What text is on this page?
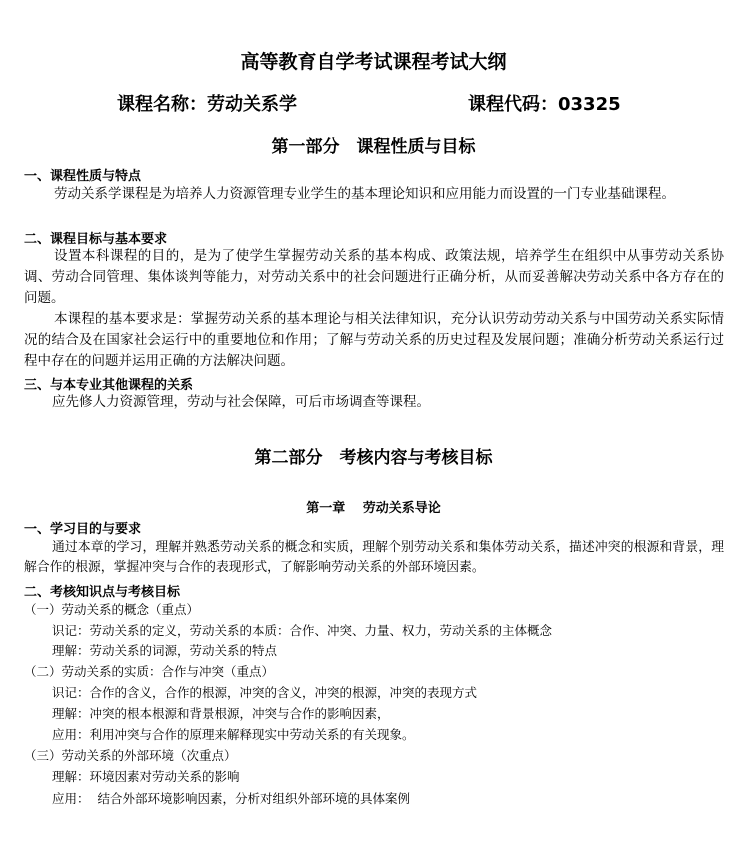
高等教育自学考试课程考试大纲
课程名称：劳动关系学	课程代码：03325
第一部分　课程性质与目标
一、课程性质与特点
劳动关系学课程是为培养人力资源管理专业学生的基本理论知识和应用能力而设置的一门专业基础课程。
二、课程目标与基本要求
设置本科课程的目的，是为了使学生掌握劳动关系的基本构成、政策法规，培养学生在组织中从事劳动关系协调、劳动合同管理、集体谈判等能力，对劳动关系中的社会问题进行正确分析，从而妥善解决劳动关系中各方存在的问题。
本课程的基本要求是：掌握劳动关系的基本理论与相关法律知识，充分认识劳动劳动关系与中国劳动关系实际情况的结合及在国家社会运行中的重要地位和作用；了解与劳动关系的历史过程及发展问题；准确分析劳动关系运行过程中存在的问题并运用正确的方法解决问题。
三、与本专业其他课程的关系
应先修人力资源管理，劳动与社会保障，可后市场调查等课程。
第二部分　考核内容与考核目标
第一章　 劳动关系导论
一、学习目的与要求
通过本章的学习，理解并熟悉劳动关系的概念和实质，理解个别劳动关系和集体劳动关系，描述冲突的根源和背景，理解合作的根源，掌握冲突与合作的表现形式，了解影响劳动关系的外部环境因素。
二、考核知识点与考核目标
（一）劳动关系的概念（重点）
识记：劳动关系的定义，劳动关系的本质：合作、冲突、力量、权力，劳动关系的主体概念
理解：劳动关系的词源，劳动关系的特点
（二）劳动关系的实质：合作与冲突（重点）
识记：合作的含义，合作的根源，冲突的含义，冲突的根源，冲突的表现方式
理解：冲突的根本根源和背景根源，冲突与合作的影响因素，
应用：利用冲突与合作的原理来解释现实中劳动关系的有关现象。
（三）劳动关系的外部环境（次重点）
理解：环境因素对劳动关系的影响
应用：  结合外部环境影响因素，分析对组织外部环境的具体案例
